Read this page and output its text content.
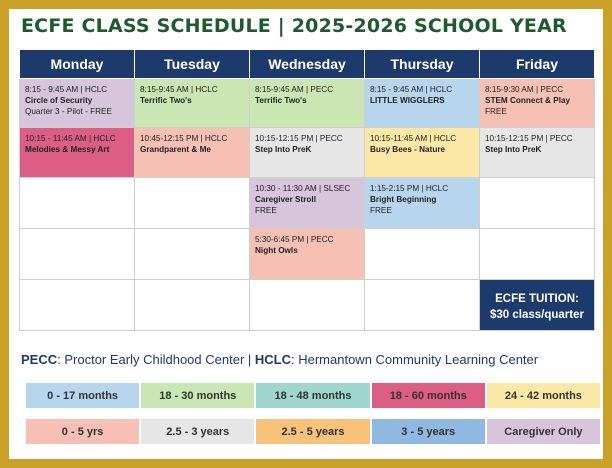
ECFE CLASS SCHEDULE | 2025-2026 SCHOOL YEAR
Monday	Tuesday	Wednesday	Thursday	Friday

8:15 - 9:45 AM | HCLC
Circle of Security
Quarter 3 - Pilot - FREE	8:15-9:45 AM | HCLC
Terrific Two's	8:15-9:45 AM | PECC
Terrific Two's	8:15 - 9:45 AM | HCLC
LITTLE WIGGLERS	8:15-9:30 AM | PECC
STEM Connect & Play
FREE

10:15 - 11:45 AM | HCLC
Melodies & Messy Art	10:45-12:15 PM | HCLC
Grandparent & Me	10:15-12:15 PM | PECC
Step Into PreK	10:15-11:45 AM | HCLC
Busy Bees - Nature	10:15-12:15 PM | PECC
Step Into PreK

		10:30 - 11:30 AM | SLSEC
Caregiver Stroll
FREE	1:15-2:15 PM | HCLC
Bright Beginning
FREE	

		5:30-6:45 PM | PECC
Night Owls		

				ECFE TUITION:
$30 class/quarter
PECC: Proctor Early Childhood Center | HCLC: Hermantown Community Learning Center
0 - 17 months	18 - 30 months	18 - 48 months	18 - 60 months	24 - 42 months
0 - 5 yrs	2.5 - 3 years	2.5 - 5 years	3 - 5 years	Caregiver Only
